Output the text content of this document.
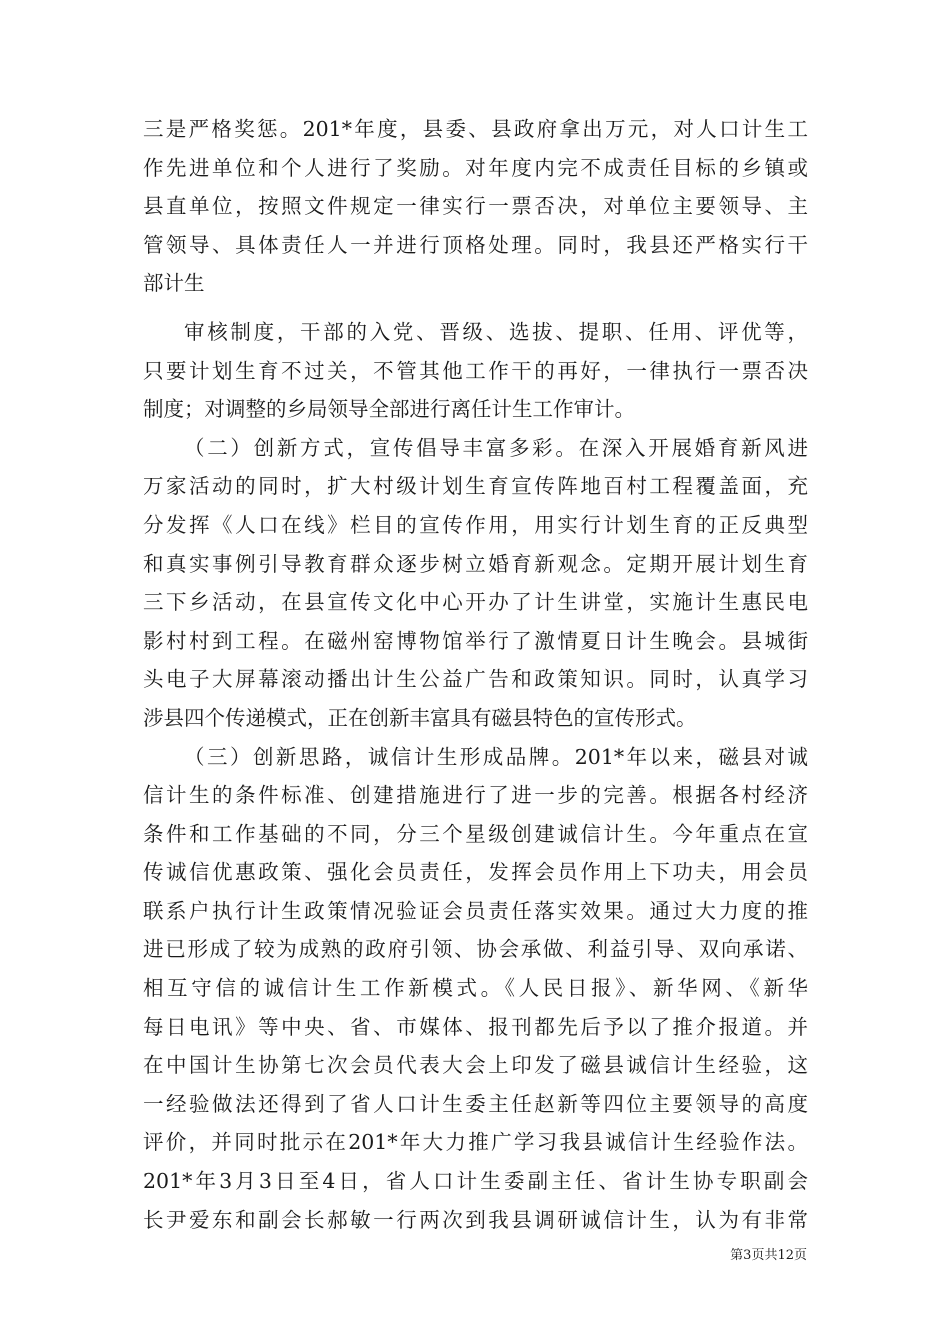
三是严格奖惩。201*年度，县委、县政府拿出万元，对人口计生工
作先进单位和个人进行了奖励。对年度内完不成责任目标的乡镇或
县直单位，按照文件规定一律实行一票否决，对单位主要领导、主
管领导、具体责任人一并进行顶格处理。同时，我县还严格实行干
部计生
审核制度，干部的入党、晋级、选拔、提职、任用、评优等，
只要计划生育不过关，不管其他工作干的再好，一律执行一票否决
制度；对调整的乡局领导全部进行离任计生工作审计。
（二）创新方式，宣传倡导丰富多彩。在深入开展婚育新风进
万家活动的同时，扩大村级计划生育宣传阵地百村工程覆盖面，充
分发挥《人口在线》栏目的宣传作用，用实行计划生育的正反典型
和真实事例引导教育群众逐步树立婚育新观念。定期开展计划生育
三下乡活动，在县宣传文化中心开办了计生讲堂，实施计生惠民电
影村村到工程。在磁州窑博物馆举行了激情夏日计生晚会。县城街
头电子大屏幕滚动播出计生公益广告和政策知识。同时，认真学习
涉县四个传递模式，正在创新丰富具有磁县特色的宣传形式。
（三）创新思路，诚信计生形成品牌。201*年以来，磁县对诚
信计生的条件标准、创建措施进行了进一步的完善。根据各村经济
条件和工作基础的不同，分三个星级创建诚信计生。今年重点在宣
传诚信优惠政策、强化会员责任，发挥会员作用上下功夫，用会员
联系户执行计生政策情况验证会员责任落实效果。通过大力度的推
进已形成了较为成熟的政府引领、协会承做、利益引导、双向承诺、
相互守信的诚信计生工作新模式。《人民日报》、新华网、《新华
每日电讯》等中央、省、市媒体、报刊都先后予以了推介报道。并
在中国计生协第七次会员代表大会上印发了磁县诚信计生经验，这
一经验做法还得到了省人口计生委主任赵新等四位主要领导的高度
评价，并同时批示在201*年大力推广学习我县诚信计生经验作法。
201*年3月3日至4日，省人口计生委副主任、省计生协专职副会
长尹爱东和副会长郝敏一行两次到我县调研诚信计生，认为有非常
第3页共12页
